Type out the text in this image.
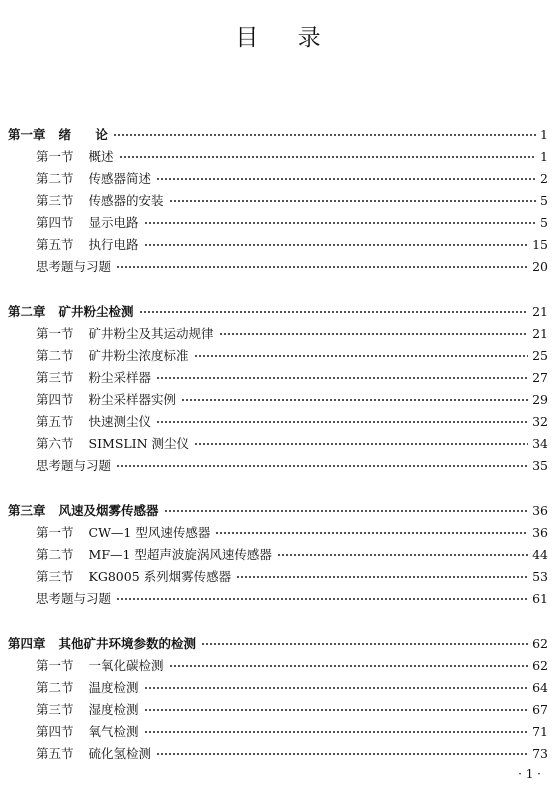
目 录
第一章 绪 论	1
第一节 概述	1
第二节 传感器简述	2
第三节 传感器的安装	5
第四节 显示电路	5
第五节 执行电路	15
思考题与习题	20
第二章 矿井粉尘检测	21
第一节 矿井粉尘及其运动规律	21
第二节 矿井粉尘浓度标准	25
第三节 粉尘采样器	27
第四节 粉尘采样器实例	29
第五节 快速测尘仪	32
第六节 SIMSLIN 测尘仪	34
思考题与习题	35
第三章 风速及烟雾传感器	36
第一节 CW—1 型风速传感器	36
第二节 MF—1 型超声波旋涡风速传感器	44
第三节 KG8005 系列烟雾传感器	53
思考题与习题	61
第四章 其他矿井环境参数的检测	62
第一节 一氧化碳检测	62
第二节 温度检测	64
第三节 湿度检测	67
第四节 氧气检测	71
第五节 硫化氢检测	73
· 1 ·
